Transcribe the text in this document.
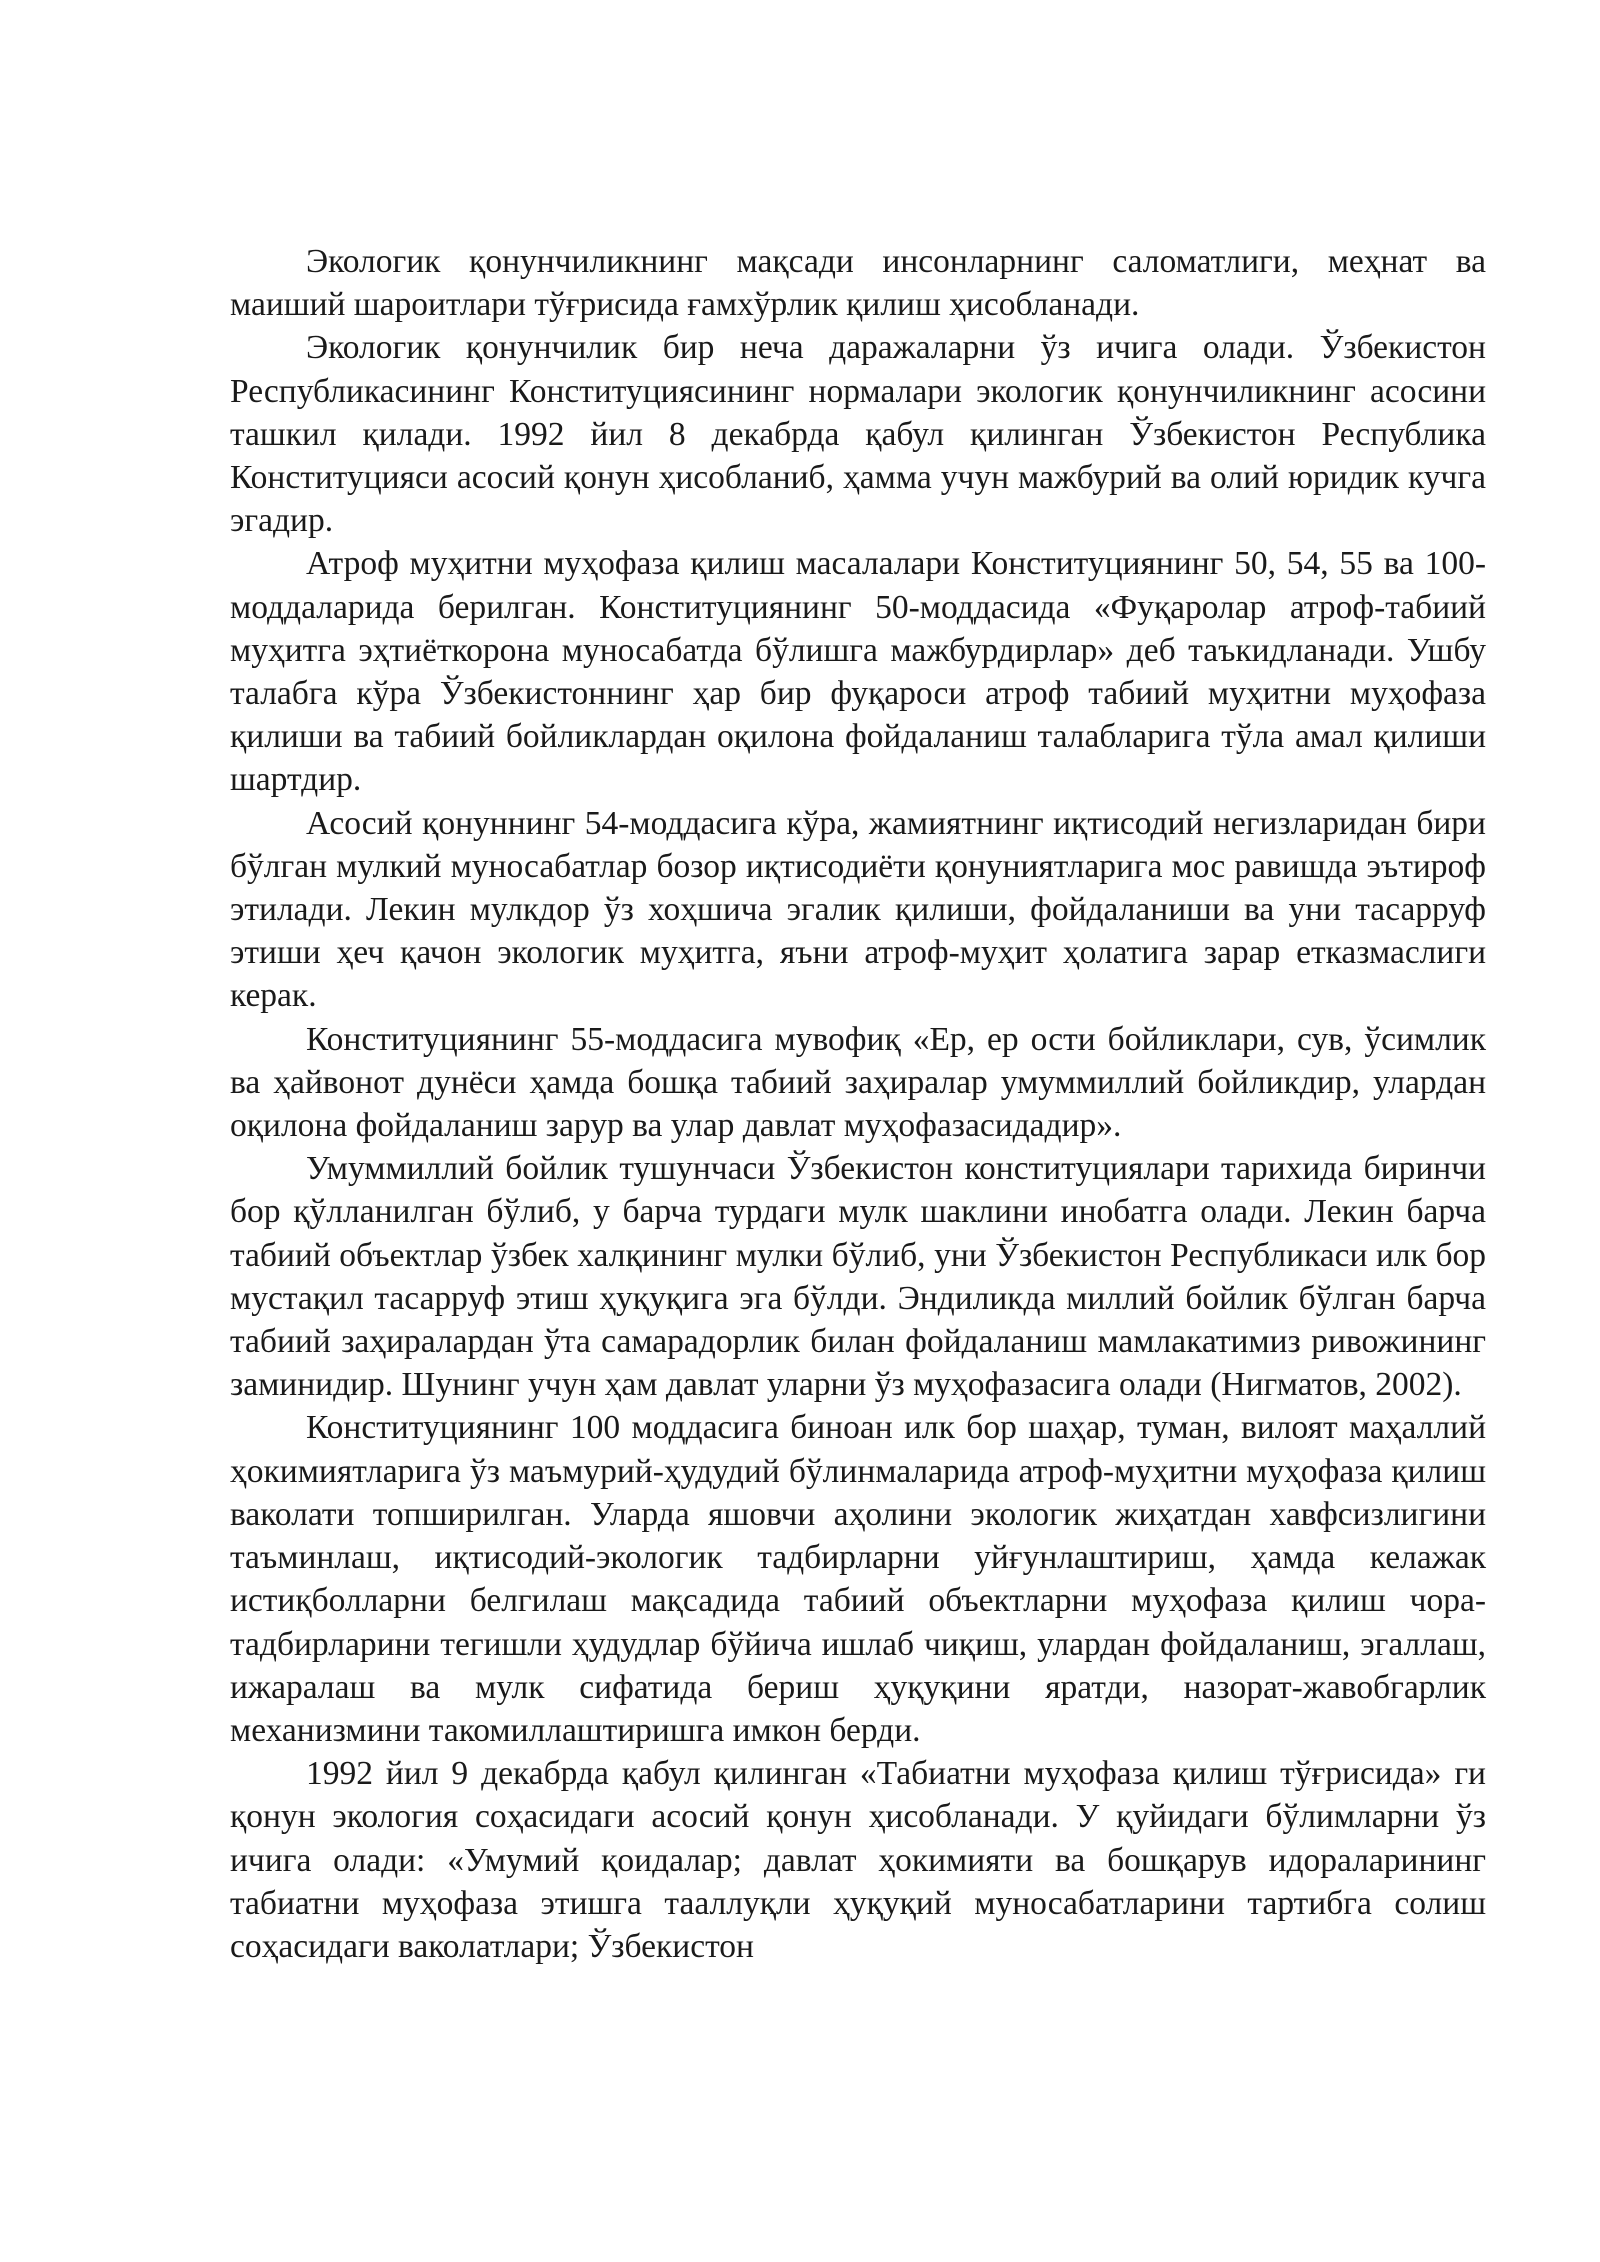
Экологик қонунчиликнинг мақсади инсонларнинг саломатлиги, меҳнат ва маиший шароитлари тўғрисида ғамхўрлик қилиш ҳисобланади.

Экологик қонунчилик бир неча даражаларни ўз ичига олади. Ўзбекистон Республикасининг Конституциясининг нормалари экологик қонунчиликнинг асосини ташкил қилади. 1992 йил 8 декабрда қабул қилинган Ўзбекистон Республика Конституцияси асосий қонун ҳисобланиб, ҳамма учун мажбурий ва олий юридик кучга эгадир.

Атроф муҳитни муҳофаза қилиш масалалари Конституциянинг 50, 54, 55 ва 100-моддаларида берилган. Конституциянинг 50-моддасида «Фуқаролар атроф-табиий муҳитга эҳтиёткорона муносабатда бўлишга мажбурдирлар» деб таъкидланади. Ушбу талабга кўра Ўзбекистоннинг ҳар бир фуқароси атроф табиий муҳитни муҳофаза қилиши ва табиий бойликлардан оқилона фойдаланиш талабларига тўла амал қилиши шартдир.

Асосий қонуннинг 54-моддасига кўра, жамиятнинг иқтисодий негизларидан бири бўлган мулкий муносабатлар бозор иқтисодиёти қонуниятларига мос равишда эътироф этилади. Лекин мулкдор ўз хоҳшича эгалик қилиши, фойдаланиши ва уни тасарруф этиши ҳеч қачон экологик муҳитга, яъни атроф-муҳит ҳолатига зарар етказмаслиги керак.

Конституциянинг 55-моддасига мувофиқ «Ер, ер ости бойликлари, сув, ўсимлик ва ҳайвонот дунёси ҳамда бошқа табиий заҳиралар умуммиллий бойликдир, улардан оқилона фойдаланиш зарур ва улар давлат муҳофазасидадир».

Умуммиллий бойлик тушунчаси Ўзбекистон конституциялари тарихида биринчи бор қўлланилган бўлиб, у барча турдаги мулк шаклини инобатга олади. Лекин барча табиий объектлар ўзбек халқининг мулки бўлиб, уни Ўзбекистон Республикаси илк бор мустақил тасарруф этиш ҳуқуқига эга бўлди. Эндиликда миллий бойлик бўлган барча табиий заҳиралардан ўта самарадорлик билан фойдаланиш мамлакатимиз ривожининг заминидир. Шунинг учун ҳам давлат уларни ўз муҳофазасига олади (Нигматов, 2002).

Конституциянинг 100 моддасига биноан илк бор шаҳар, туман, вилоят маҳаллий ҳокимиятларига ўз маъмурий-ҳудудий бўлинмаларида атроф-муҳитни муҳофаза қилиш ваколати топширилган. Уларда яшовчи аҳолини экологик жиҳатдан хавфсизлигини таъминлаш, иқтисодий-экологик тадбирларни уйғунлаштириш, ҳамда келажак истиқболларни белгилаш мақсадида табиий объектларни муҳофаза қилиш чора-тадбирларини тегишли ҳудудлар бўйича ишлаб чиқиш, улардан фойдаланиш, эгаллаш, ижаралаш ва мулк сифатида бериш ҳуқуқини яратди, назорат-жавобгарлик механизмини такомиллаштиришга имкон берди.

1992 йил 9 декабрда қабул қилинган «Табиатни муҳофаза қилиш тўғрисида» ги қонун экология соҳасидаги асосий қонун ҳисобланади. У қуйидаги бўлимларни ўз ичига олади: «Умумий қоидалар; давлат ҳокимияти ва бошқарув идораларининг табиатни муҳофаза этишга тааллуқли ҳуқуқий муносабатларини тартибга солиш соҳасидаги ваколатлари; Ўзбекистон
